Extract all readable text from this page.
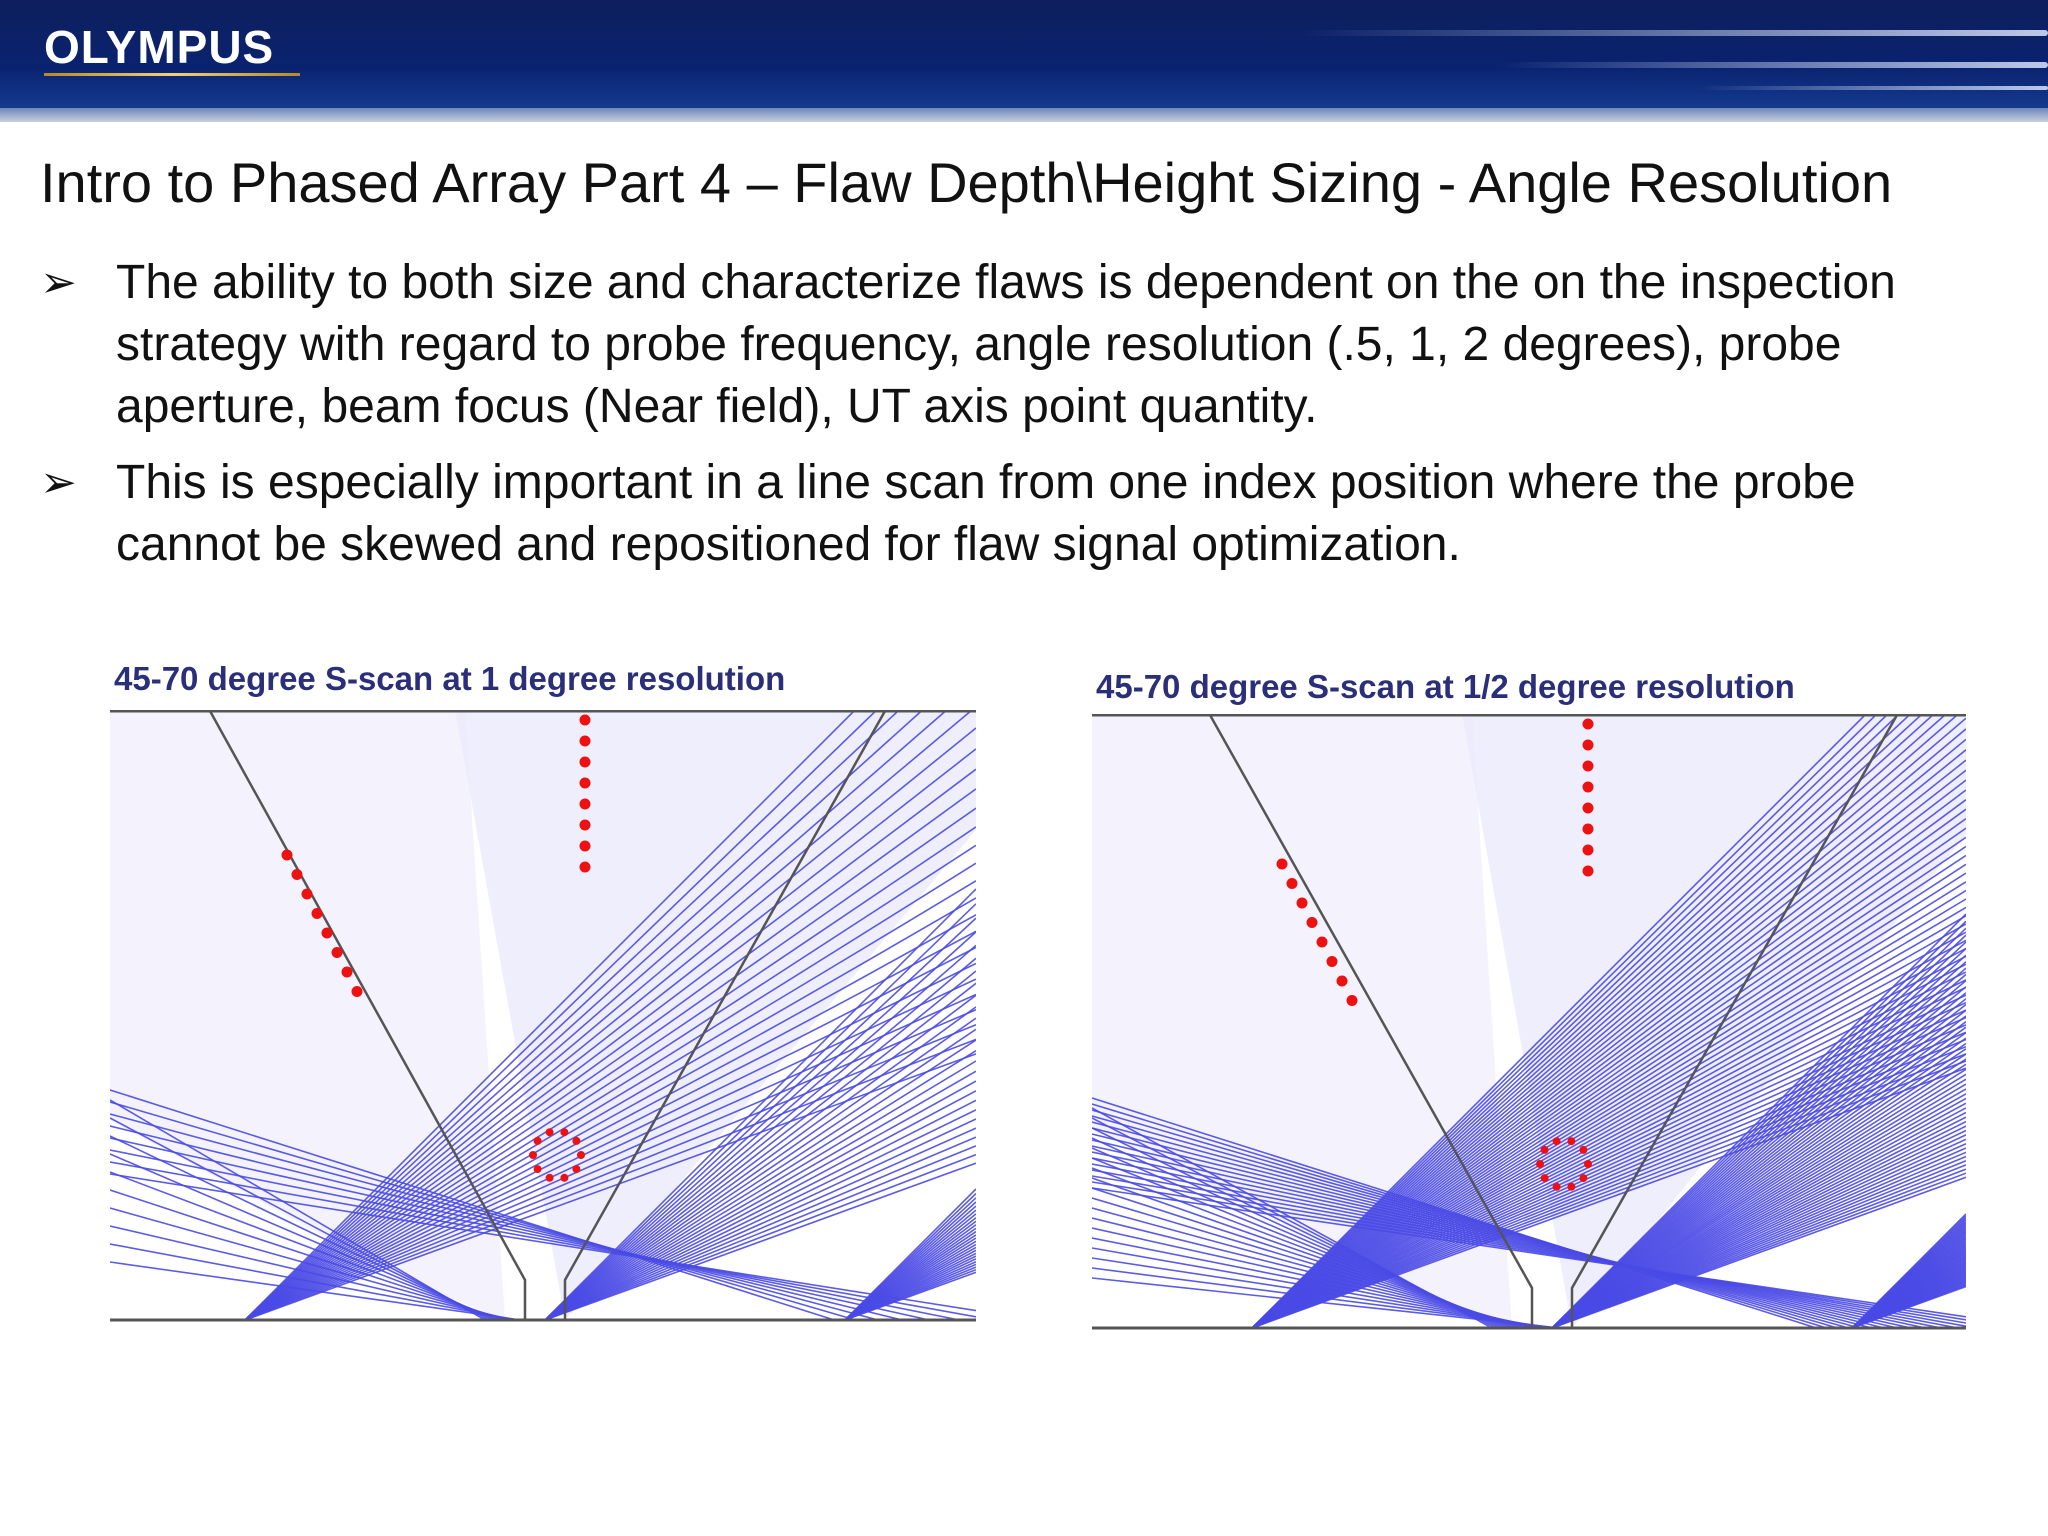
OLYMPUS
Intro to Phased Array Part 4 – Flaw Depth\Height Sizing - Angle Resolution
➢ The ability to both size and characterize flaws is dependent on the on the inspection strategy with regard to probe frequency, angle resolution (.5, 1, 2 degrees), probe aperture, beam focus (Near field), UT axis point quantity.
➢ This is especially important in a line scan from one index position where the probe cannot be skewed and repositioned for flaw signal optimization.
45-70 degree S-scan at 1 degree resolution	45-70 degree S-scan at 1/2 degree resolution
